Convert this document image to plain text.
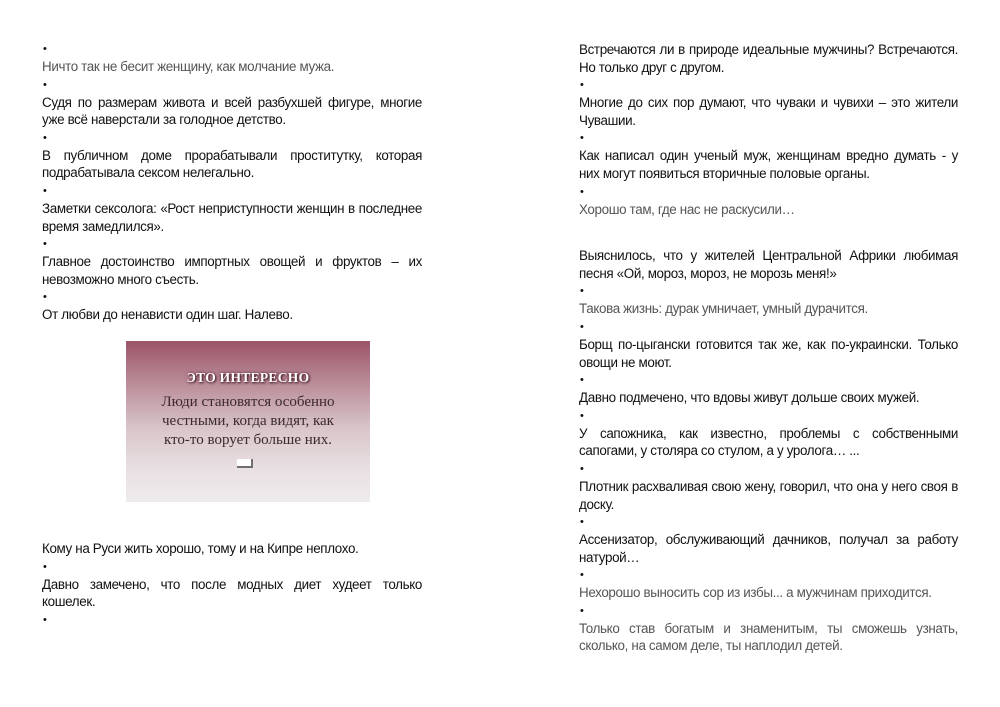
•

Ничто так не бесит женщину, как молчание мужа.

•

Судя по размерам живота и всей разбухшей фигуре, многие уже всё наверстали за голодное детство.

•

В публичном доме прорабатывали проститутку, которая подрабатывала сексом нелегально.

•

Заметки сексолога: «Рост неприступности женщин в последнее время замедлился».

•

Главное достоинство импортных овощей и фруктов – их невозможно много съесть.

•

От любви до ненависти один шаг. Налево.

ЭТО ИНТЕРЕСНО
Люди становятся особенно честными, когда видят, как кто-то ворует больше них.

Кому на Руси жить хорошо, тому и на Кипре неплохо.

•

Давно замечено, что после модных диет худеет только кошелек.

•

Встречаются ли в природе идеальные мужчины? Встречаются. Но только друг с другом.

•

Многие до сих пор думают, что чуваки и чувихи – это жители Чувашии.

•

Как написал один ученый муж, женщинам вредно думать - у них могут появиться вторичные половые органы.

•

Хорошо там, где нас не раскусили…

Выяснилось, что у жителей Центральной Африки любимая песня «Ой, мороз, мороз, не морозь меня!»

•

Такова жизнь: дурак умничает, умный дурачится.

•

Борщ по-цыгански готовится так же, как по-украински. Только овощи не моют.

•

Давно подмечено, что вдовы живут дольше своих мужей.

•

У сапожника, как известно, проблемы с собственными сапогами, у столяра со стулом, а у уролога… ...

•

Плотник расхваливая свою жену, говорил, что она у него своя в доску.

•

Ассенизатор, обслуживающий дачников, получал за работу натурой…

•

Нехорошо выносить сор из избы... а мужчинам приходится.

•

Только став богатым и знаменитым, ты сможешь узнать, сколько, на самом деле, ты наплодил детей.
